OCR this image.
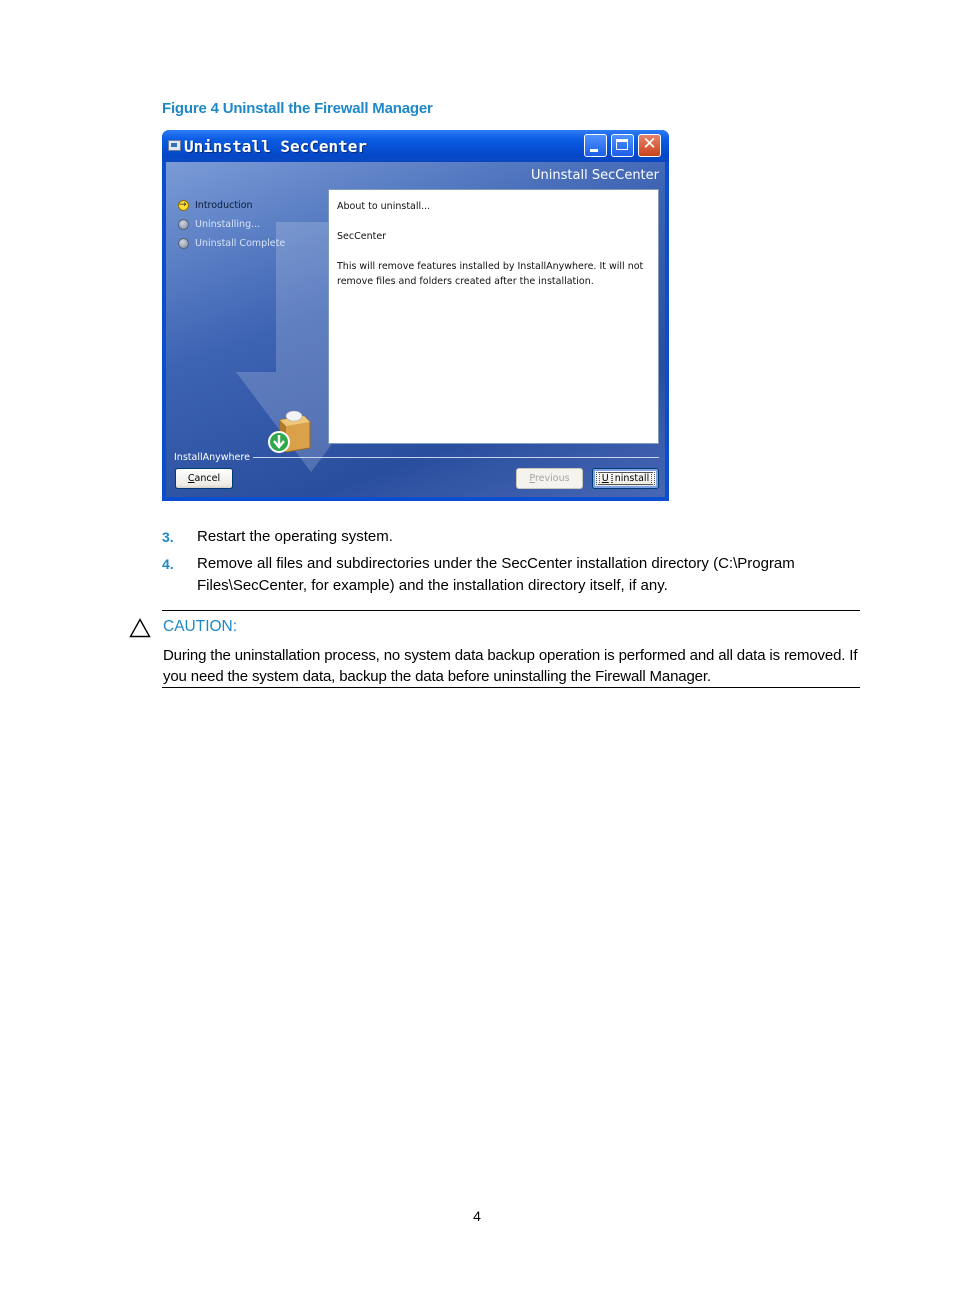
Figure 4 Uninstall the Firewall Manager
Uninstall SecCenter	✕
Uninstall SecCenter
→
Introduction
Uninstalling...
Uninstall Complete

About to uninstall...

SecCenter

This will remove features installed by InstallAnywhere. It will not remove files and folders created after the installation.

InstallAnywhere
Cancel	Previous	U ninstall
3. Restart the operating system.
4. Remove all files and subdirectories under the SecCenter installation directory (C:\Program Files\SecCenter, for example) and the installation directory itself, if any.
CAUTION:
During the uninstallation process, no system data backup operation is performed and all data is removed. If you need the system data, backup the data before uninstalling the Firewall Manager.
4
